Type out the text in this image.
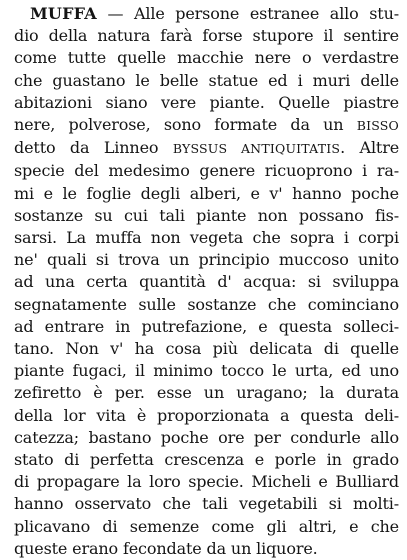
MUFFA — Alle persone estranee allo stu-
dio della natura farà forse stupore il sentire
come tutte quelle macchie nere o verdastre
che guastano le belle statue ed i muri delle
abitazioni siano vere piante. Quelle piastre
nere, polverose, sono formate da un BISSO
detto da Linneo BYSSUS ANTIQUITATIS. Altre
specie del medesimo genere ricuoprono i ra-
mi e le foglie degli alberi, e v' hanno poche
sostanze su cui tali piante non possano fis-
sarsi. La muffa non vegeta che sopra i corpi
ne' quali si trova un principio muccoso unito
ad una certa quantità d' acqua: si sviluppa
segnatamente sulle sostanze che cominciano
ad entrare in putrefazione, e questa solleci-
tano. Non v' ha cosa più delicata di quelle
piante fugaci, il minimo tocco le urta, ed uno
zefiretto è per. esse un uragano; la durata
della lor vita è proporzionata a questa deli-
catezza; bastano poche ore per condurle allo
stato di perfetta crescenza e porle in grado
di propagare la loro specie. Micheli e Bulliard
hanno osservato che tali vegetabili si molti-
plicavano di semenze come gli altri, e che
queste erano fecondate da un liquore.
